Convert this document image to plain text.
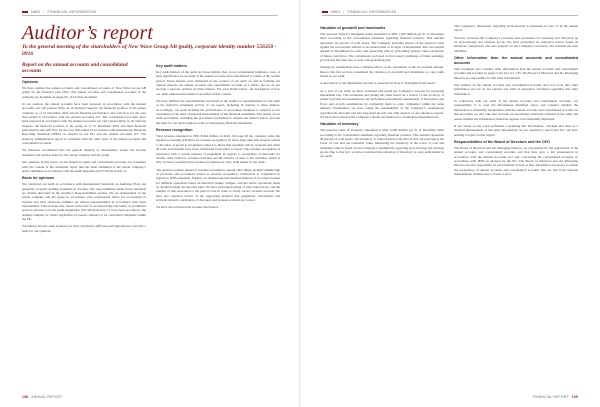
NWG | FINANCIAL INFORMATION
Auditor’s report
To the general meeting of the shareholders of New Wave Group AB (publ), corporate identity number 556350 - 0916
Report on the annual accounts and consolidated accounts
Opinions

We have audited the annual accounts and consolidated accounts of New Wave Group AB (publ) for the financial year 2022. The annual accounts and consolidated accounts of the company are included on pages 63–114 in this document.

In our opinion, the annual accounts have been prepared in accordance with the Annual Accounts Act and present fairly, in all material respects, the financial position of the parent company as of 31 December 2022 and its financial performance and cash flow for the year then ended in accordance with the Annual Accounts Act. The consolidated accounts have been prepared in accordance with the Annual Accounts Act and present fairly, in all material respects, the financial position of the group as of 31 December 2022 and their financial performance and cash flow for the year then ended in accordance with International Financial Reporting Standards (IFRS), as adopted by the EU, and the Annual Accounts Act. The statutory administration report is consistent with the other parts of the annual accounts and consolidated accounts.

We therefore recommend that the general meeting of shareholders adopts the income statement and balance sheet for the parent company and the group.

Our opinions in this report on the annual accounts and consolidated accounts are consistent with the content of the additional report that has been submitted to the parent company’s audit committee in accordance with the Audit Regulation (537/2014) Article 11.

Basis for opinions

We conducted our audit in accordance with International Standards on Auditing (ISA) and generally accepted auditing standards in Sweden. Our responsibilities under those standards are further described in the Auditor’s Responsibilities section. We are independent of the parent company and the group in accordance with professional ethics for accountants in Sweden and have otherwise fulfilled our ethical responsibilities in accordance with these requirements. This includes that, based on the best of our knowledge and belief, no prohibited services referred to in the Audit Regulation (537/2014) Article 5.1 have been provided to the audited company or, where applicable, its parent company or its controlled companies within the EU.

We believe that the audit evidence we have obtained is sufficient and appropriate to provide a basis for our opinions.

Key audit matters

Key audit matters of the audit are those matters that, in our professional judgment, were of most significance in our audit of the annual accounts and consolidated accounts of the current period. These matters were addressed in the context of our audit of, and in forming our opinion thereon, the annual accounts and consolidated accounts as a whole, but we do not provide a separate opinion on these matters. For each matter below, our description of how our audit addressed the matter is provided in that context.

We have fulfilled the responsibilities described in the Auditor’s responsibilities for the audit of the financial statements section of our report, including in relation to these matters. Accordingly, our audit included the performance of procedures designed to respond to our assessment of the risks of material misstatement of the financial statements. The results of our audit procedures, including the procedures performed to address the matters below, provide the basis for our audit opinion on the accompanying financial statements.

Revenue recognition

Total revenue amounted to SEK 8,944 million in 2022. On page 90 the company states the applied accounting principles for revenue recognition. In those deep rules that revenue related to the sales of goods is recognized when it is likely that payment will be received and when all risks and benefits have been transferred from seller to buyer. The revenue recognition is associated with a certain element of judgement in regards to recognition of discounts for retailer, risks related to revenue reduction and the transfer of risks to the customer, which is why we have considered the revenue recognition as a key audit matter in our audit.

The audit procedures related to revenue recognition, among other things include walkthrough of processes and procedures related to revenue recognition, verification of compliance in regards to IFRS standards. Further, we audited selected detailed analyses of recorded revenue for different operations based on historical results, budgets, and the below operations made by detailed testing the reported sales. We have performed testing of sales transactions, and the transfer of risk associated to the period close in order to verify correct revenue accruals. We have also assessed review of the supporting material that judgments, calculations and accruals related to estimation of discounts and revenue accruals are correct.

We have also reviewed the revenue disclosures.

108 ANNUAL REPORT
NWG | FINANCIAL INFORMATION
Valuation of goodwill and trademarks

The reported value for intangible assets amounted to SEK 1,509 million per 31 of December 2022 according to the consolidated statement regarding financial position. That amount represents 16 percent of total assets. The Company performs checks of the reported value against the recoverable amount at an annual basis or at signs of impairment. The recoverable amount is determined for each cash generating unit by performing present value calculation of future cash flows. The calculations are based on the Group’s estimates of future earnings, growth and discount rate of each cash generating unit.

Changes in assumptions have a material effect on the calculation of the recoverable amount. Due to this fact we have considered the valuation of goodwill and trademarks as a key audit matter in our audit.

A description of the impairment test that is presented in Note 9 “Intangible fixed assets”.

As a part of our audit we have evaluated and tested the Company’s process for preparing impairment test. The evaluation and testing has been based on a review of the accuracy of earlier forecasts and assumptions. We performed reasonability assessments of forecasted cash flows and growth assumptions by comparing them to other companies within the same industry. Furthermore we have tested the sustainability of the Company’s assumptions regarding the discount rate and long-term growth rate with support of our valuation experts. We have also reviewed the Company’s model and method for conducting impairment test.

Valuation of inventory

The reported value of inventory amounted to SEK 3,290 million per 31 of December 2022 according to the consolidated statement regarding financial position. This amount represents 40 percent of total assets. The inventory is valued based on the first in first out principle at the lower of cost and net realisable value. Measuring the inventory at the lower of cost and realisable value is based on the Company’s assumptions regarding slow-moving and obsolete goods. Due to this fact, we have considered the valuation of inventory as a key audit matter in our audit.

The Company’s disclosures regarding stock-in-trade is presented in note 15 in the annual report.

We have reviewed the Company’s processes and procedures for assessing and following up on slow-moving and obsolete goods. We have performed an analytical review based on historical comparisons and data analysis on the Company’s inventory and assessed the data reliability.

Other information than the annual accounts and consolidated accounts

This document also contains other information than the annual accounts and consolidated accounts and is found on pages 2–62 and 115–135. The Board of Directors and the Managing Director are responsible for this other information.

Our opinion on the annual accounts and consolidated accounts does not cover this other information and we do not express any form of assurance conclusion regarding this other information.

In connection with our audit of the annual accounts and consolidated accounts, our responsibility is to read the information identified above and consider whether the information is materially inconsistent with the annual accounts and consolidated accounts. In this procedure we also take into account our knowledge otherwise obtained in the audit and assess whether the information otherwise appears to be materially misstated.

If we, based on the work performed concerning this information, conclude that there is a material misstatement of this other information, we are required to report that fact. We have nothing to report in this regard.

Responsibilities of the Board of Directors and the CEO

The Board of Directors and the Managing Director are responsible for the preparation of the annual accounts and consolidated accounts and that they give a fair presentation in accordance with the Annual Accounts Act and, concerning the consolidated accounts, in accordance with IFRS as adopted by the EU. The Board of Directors and the Managing Director are also responsible for such internal control as they determine is necessary to enable the preparation of annual accounts and consolidated accounts that are free from material misstatement, whether due to fraud or error.

FINANCIAL REPORT 109
